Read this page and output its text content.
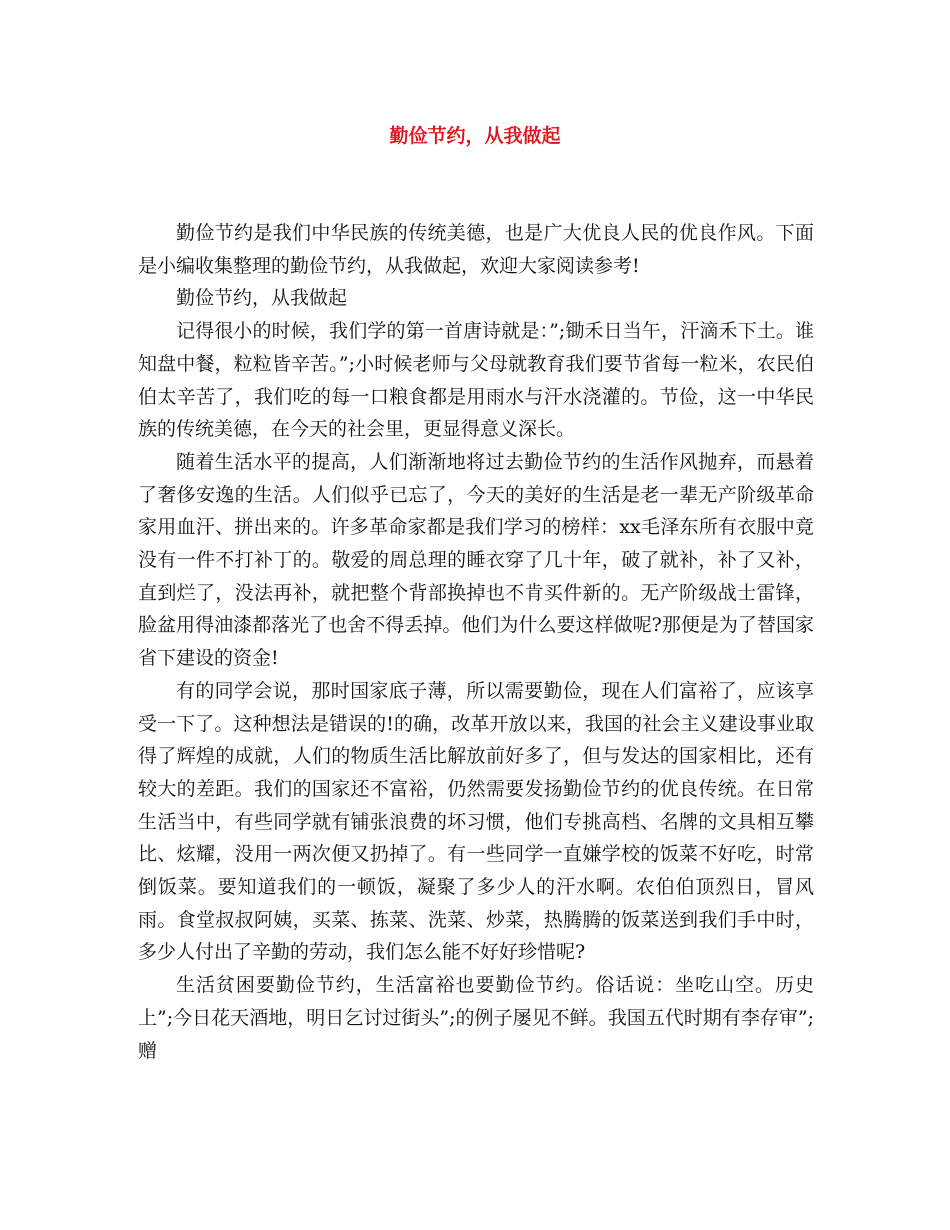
勤俭节约，从我做起

勤俭节约是我们中华民族的传统美德，也是广大优良人民的优良作风。下面是小编收集整理的勤俭节约，从我做起，欢迎大家阅读参考!

勤俭节约，从我做起

记得很小的时候，我们学的第一首唐诗就是：”;锄禾日当午，汗滴禾下土。谁知盘中餐，粒粒皆辛苦。”;小时候老师与父母就教育我们要节省每一粒米，农民伯伯太辛苦了，我们吃的每一口粮食都是用雨水与汗水浇灌的。节俭，这一中华民族的传统美德，在今天的社会里，更显得意义深长。

随着生活水平的提高，人们渐渐地将过去勤俭节约的生活作风抛弃，而悬着了奢侈安逸的生活。人们似乎已忘了，今天的美好的生活是老一辈无产阶级革命家用血汗、拼出来的。许多革命家都是我们学习的榜样：xx毛泽东所有衣服中竟没有一件不打补丁的。敬爱的周总理的睡衣穿了几十年，破了就补，补了又补，直到烂了，没法再补，就把整个背部换掉也不肯买件新的。无产阶级战士雷锋，脸盆用得油漆都落光了也舍不得丢掉。他们为什么要这样做呢?那便是为了替国家省下建设的资金!

有的同学会说，那时国家底子薄，所以需要勤俭，现在人们富裕了，应该享受一下了。这种想法是错误的!的确，改革开放以来，我国的社会主义建设事业取得了辉煌的成就，人们的物质生活比解放前好多了，但与发达的国家相比，还有较大的差距。我们的国家还不富裕，仍然需要发扬勤俭节约的优良传统。在日常生活当中，有些同学就有铺张浪费的坏习惯，他们专挑高档、名牌的文具相互攀比、炫耀，没用一两次便又扔掉了。有一些同学一直嫌学校的饭菜不好吃，时常倒饭菜。要知道我们的一顿饭，凝聚了多少人的汗水啊。农伯伯顶烈日，冒风雨。食堂叔叔阿姨，买菜、拣菜、洗菜、炒菜，热腾腾的饭菜送到我们手中时，多少人付出了辛勤的劳动，我们怎么能不好好珍惜呢?

生活贫困要勤俭节约，生活富裕也要勤俭节约。俗话说：坐吃山空。历史上”;今日花天酒地，明日乞讨过街头”;的例子屡见不鲜。我国五代时期有李存审”;赠
